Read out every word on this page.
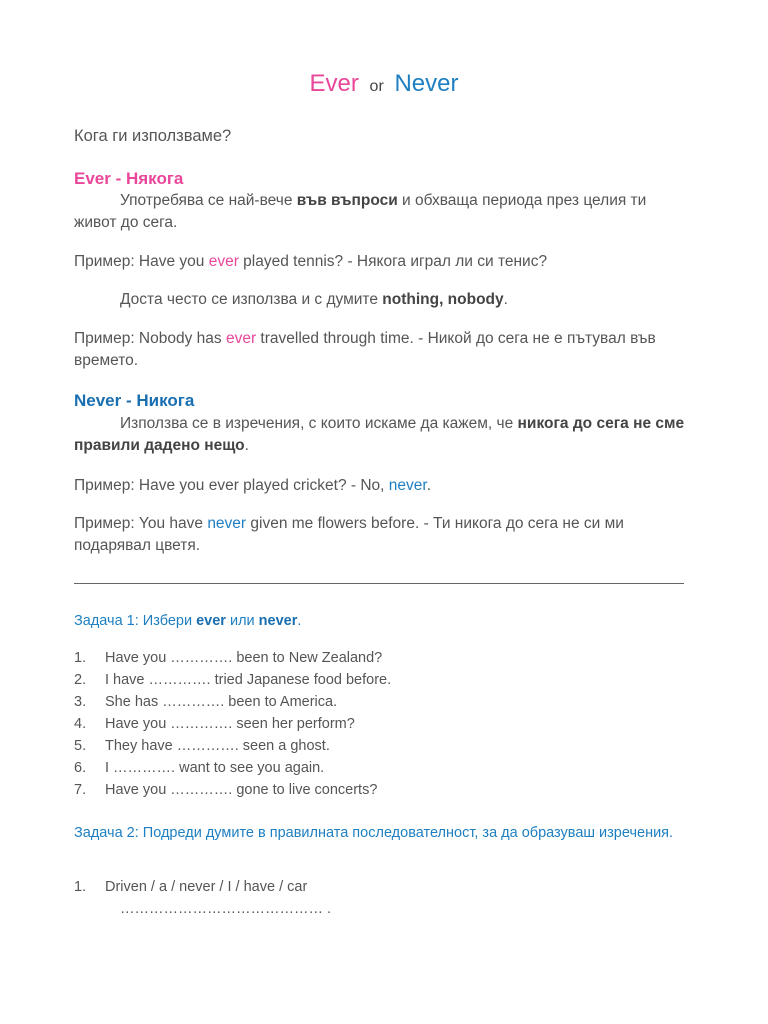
Ever or Never
Кога ги използваме?
Ever - Някога
Употребява се най-вече във въпроси и обхваща периода през целия ти живот до сега.
Пример: Have you ever played tennis? - Някога играл ли си тенис?
Доста често се използва и с думите nothing, nobody.
Пример: Nobody has ever travelled through time. - Никой до сега не е пътувал във времето.
Never - Никога
Използва се в изречения, с които искаме да кажем, че никога до сега не сме правили дадено нещо.
Пример: Have you ever played cricket? - No, never.
Пример: You have never given me flowers before. - Ти никога до сега не си ми подарявал цветя.
Задача 1: Избери ever или never.
1.	Have you …………. been to New Zealand?
2.	I have …………. tried Japanese food before.
3.	She has …………. been to America.
4.	Have you …………. seen her perform?
5.	They have …………. seen a ghost.
6.	I …………. want to see you again.
7.	Have you …………. gone to live concerts?
Задача 2: Подреди думите в правилната последователност, за да образуваш изречения.
1.	Driven / a / never / I / have / car
…………………………………… .
